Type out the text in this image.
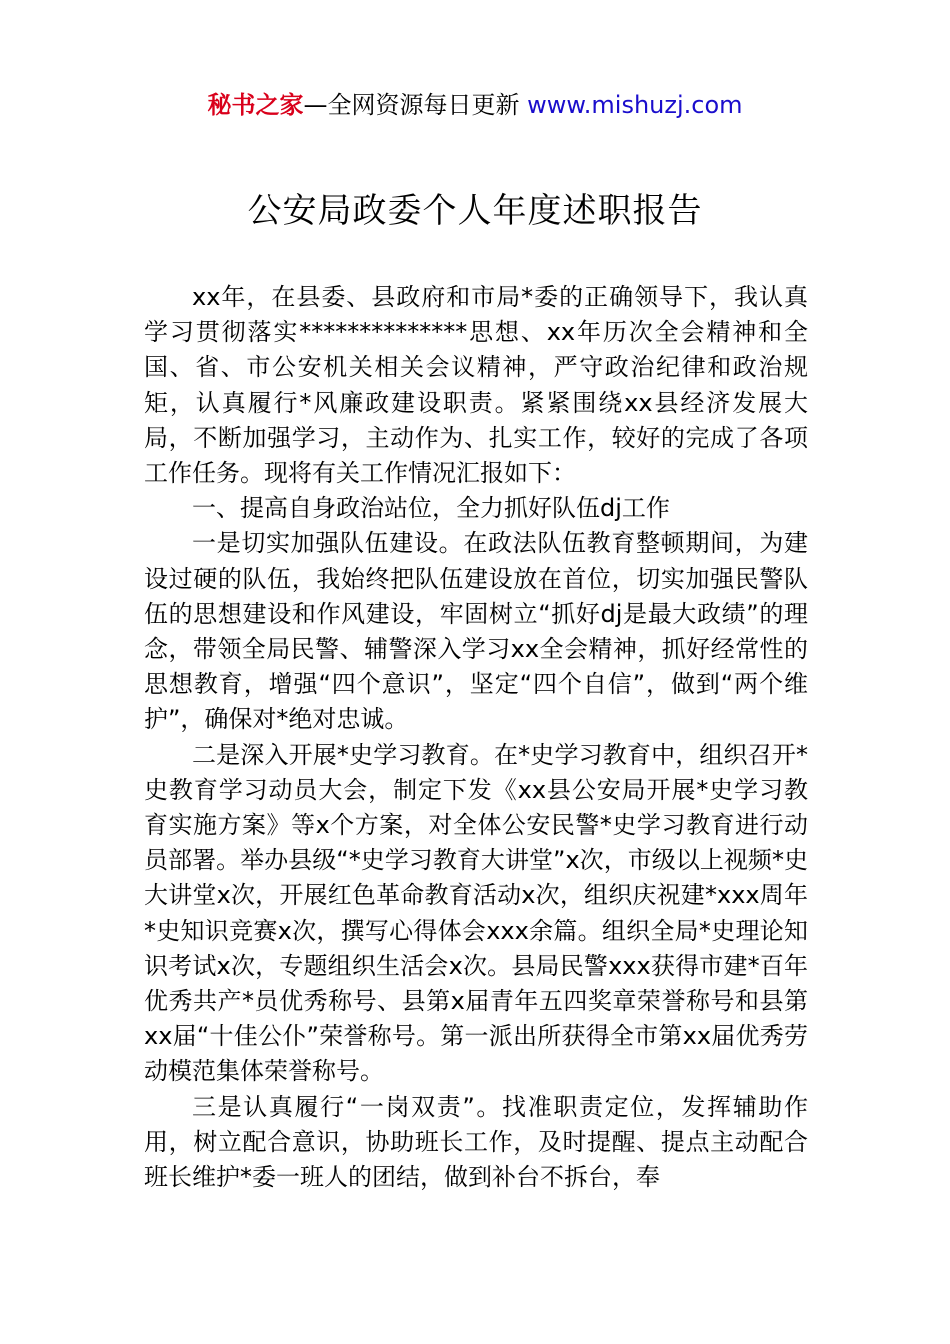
秘书之家—全网资源每日更新 www.mishuzj.com
公安局政委个人年度述职报告

xx年，在县委、县政府和市局*委的正确领导下，我认真学习贯彻落实**************思想、xx年历次全会精神和全国、省、市公安机关相关会议精神，严守政治纪律和政治规矩，认真履行*风廉政建设职责。紧紧围绕xx县经济发展大局，不断加强学习，主动作为、扎实工作，较好的完成了各项工作任务。现将有关工作情况汇报如下：

一、提高自身政治站位，全力抓好队伍dj工作

一是切实加强队伍建设。在政法队伍教育整顿期间，为建设过硬的队伍，我始终把队伍建设放在首位，切实加强民警队伍的思想建设和作风建设，牢固树立“抓好dj是最大政绩”的理念，带领全局民警、辅警深入学习xx全会精神，抓好经常性的思想教育，增强“四个意识”，坚定“四个自信”，做到“两个维护”，确保对*绝对忠诚。

二是深入开展*史学习教育。在*史学习教育中，组织召开*史教育学习动员大会，制定下发《xx县公安局开展*史学习教育实施方案》等x个方案，对全体公安民警*史学习教育进行动员部署。举办县级“*史学习教育大讲堂”x次，市级以上视频*史大讲堂x次，开展红色革命教育活动x次，组织庆祝建*xxx周年*史知识竞赛x次，撰写心得体会xxx余篇。组织全局*史理论知识考试x次，专题组织生活会x次。县局民警xxx获得市建*百年优秀共产*员优秀称号、县第x届青年五四奖章荣誉称号和县第xx届“十佳公仆”荣誉称号。第一派出所获得全市第xx届优秀劳动模范集体荣誉称号。

三是认真履行“一岗双责”。找准职责定位，发挥辅助作用，树立配合意识，协助班长工作，及时提醒、提点主动配合班长维护*委一班人的团结，做到补台不拆台，奉
